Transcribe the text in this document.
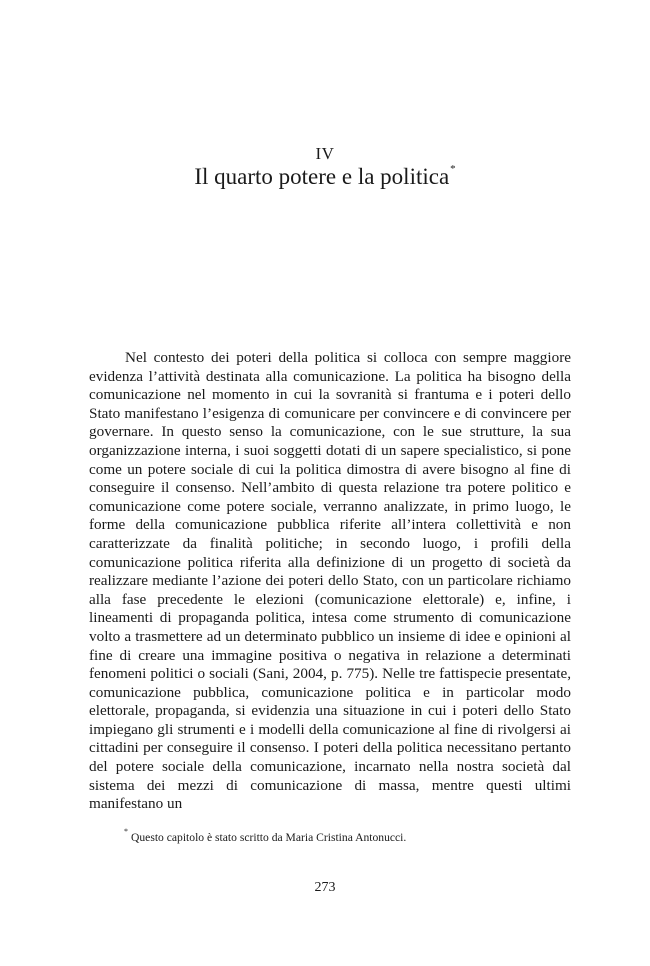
IV
Il quarto potere e la politica*

Nel contesto dei poteri della politica si colloca con sempre maggiore evidenza l’attività destinata alla comunicazione. La politica ha bisogno della comunicazione nel momento in cui la sovranità si frantuma e i poteri dello Stato manifestano l’esigenza di comunicare per convincere e di convincere per governare. In questo senso la comunicazione, con le sue strutture, la sua organizzazione interna, i suoi soggetti dotati di un sapere specialistico, si pone come un potere sociale di cui la politica dimostra di avere bisogno al fine di conseguire il consenso. Nell’ambito di questa relazione tra potere politico e comunicazione come potere sociale, verranno analizzate, in primo luogo, le forme della comunicazione pubblica riferite all’intera collettività e non caratterizzate da finalità politiche; in secondo luogo, i profili della comunicazione politica riferita alla definizione di un progetto di società da realizzare mediante l’azione dei poteri dello Stato, con un particolare richiamo alla fase precedente le elezioni (comunicazione elettorale) e, infine, i lineamenti di propaganda politica, intesa come strumento di comunicazione volto a trasmettere ad un determinato pubblico un insieme di idee e opinioni al fine di creare una immagine positiva o negativa in relazione a determinati fenomeni politici o sociali (Sani, 2004, p. 775). Nelle tre fattispecie presentate, comunicazione pubblica, comunicazione politica e in particolar modo elettorale, propaganda, si evidenzia una situazione in cui i poteri dello Stato impiegano gli strumenti e i modelli della comunicazione al fine di rivolgersi ai cittadini per conseguire il consenso. I poteri della politica necessitano pertanto del potere sociale della comunicazione, incarnato nella nostra società dal sistema dei mezzi di comunicazione di massa, mentre questi ultimi manifestano un

* Questo capitolo è stato scritto da Maria Cristina Antonucci.
273
